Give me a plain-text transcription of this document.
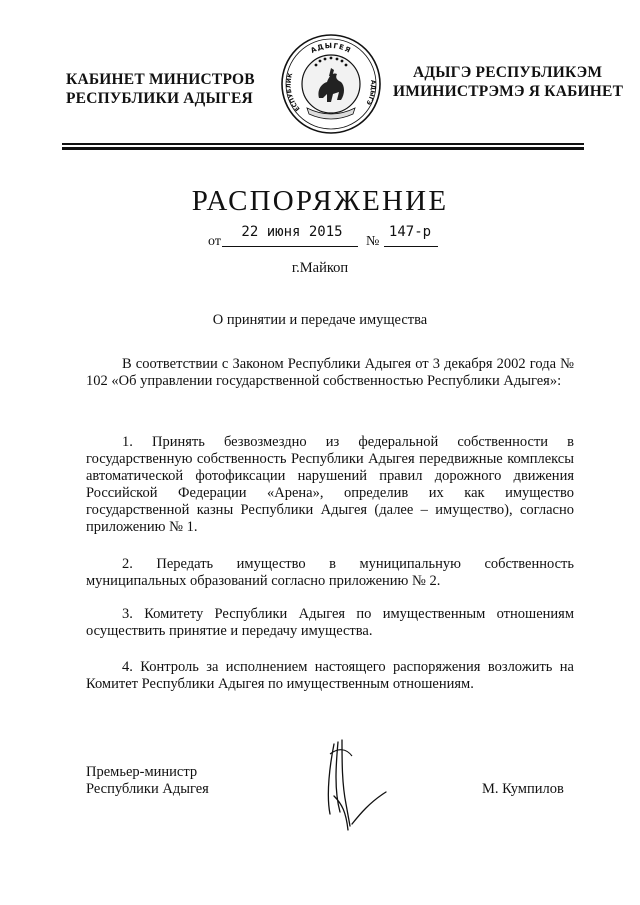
КАБИНЕТ МИНИСТРОВ
РЕСПУБЛИКИ АДЫГЕЯ
АДЫГЕЯ
ЕСПУБЛИК
АДЫГЭ
АДЫГЭ РЕСПУБЛИКЭМ
ИМИНИСТРЭМЭ Я КАБИНЕТ
РАСПОРЯЖЕНИЕ
от
22 июня 2015
№
147-р
г.Майкоп
О принятии и передаче имущества

В соответствии с Законом Республики Адыгея от 3 декабря 2002 года № 102 «Об управлении государственной собственностью Республики Адыгея»:

1. Принять безвозмездно из федеральной собственности в государственную собственность Республики Адыгея передвижные комплексы автоматической фотофиксации нарушений правил дорожного движения Российской Федерации «Арена», определив их как имущество государственной казны Республики Адыгея (далее – имущество), согласно приложению № 1.

2. Передать имущество в муниципальную собственность муниципальных образований согласно приложению № 2.

3. Комитету Республики Адыгея по имущественным отношениям осуществить принятие и передачу имущества.

4. Контроль за исполнением настоящего распоряжения возложить на Комитет Республики Адыгея по имущественным отношениям.

Премьер-министр
Республики Адыгея	М. Кумпилов
